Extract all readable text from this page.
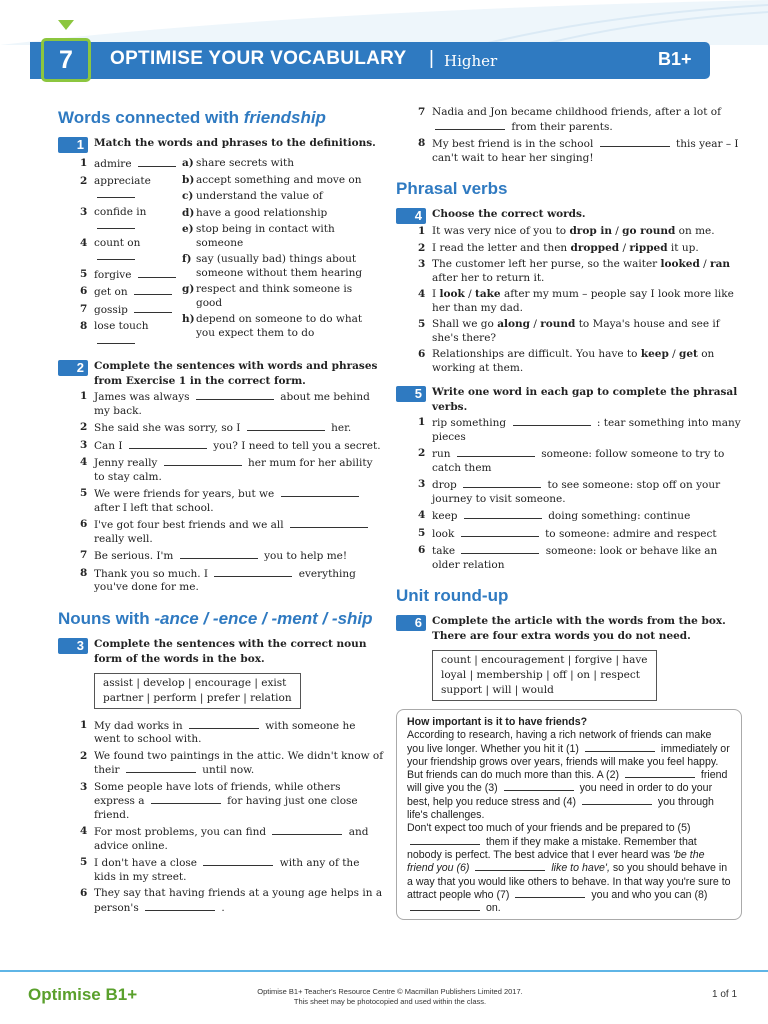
7	OPTIMISE YOUR VOCABULARY | Higher	B1+
Words connected with friendship
1 Match the words and phrases to the definitions.
1 admire
2 appreciate
3 confide in
4 count on
5 forgive
6 get on
7 gossip
8 lose touch
a) share secrets with
b) accept something and move on
c) understand the value of
d) have a good relationship
e) stop being in contact with someone
f) say (usually bad) things about someone without them hearing
g) respect and think someone is good
h) depend on someone to do what you expect them to do
2 Complete the sentences with words and phrases from Exercise 1 in the correct form.
1 James was always	about me behind my back.
2 She said she was sorry, so I	her.
3 Can I	you? I need to tell you a secret.
4 Jenny really	her mum for her ability to stay calm.
5 We were friends for years, but we  after I left that school.
6 I've got four best friends and we all  really well.
7 Be serious. I'm	you to help me!
8 Thank you so much. I	everything you've done for me.
Nouns with -ance / -ence / -ment / -ship
3 Complete the sentences with the correct noun form of the words in the box.
assist | develop | encourage | exist
partner | perform | prefer | relation
1 My dad works in	with someone he went to school with.
2 We found two paintings in the attic. We didn't know of their	until now.
3 Some people have lots of friends, while others express a	for having just one close friend.
4 For most problems, you can find	and advice online.
5 I don't have a close	with any of the kids in my street.
6 They say that having friends at a young age helps in a person's	.
7 Nadia and Jon became childhood friends, after a lot of  from their parents.
8 My best friend is in the school	this year – I can't wait to hear her singing!
Phrasal verbs
4 Choose the correct words.
1 It was very nice of you to drop in / go round on me.
2 I read the letter and then dropped / ripped it up.
3 The customer left her purse, so the waiter looked / ran after her to return it.
4 I look / take after my mum – people say I look more like her than my dad.
5 Shall we go along / round to Maya's house and see if she's there?
6 Relationships are difficult. You have to keep / get on working at them.
5 Write one word in each gap to complete the phrasal verbs.
1 rip something	: tear something into many pieces
2 run	someone: follow someone to try to catch them
3 drop	to see someone: stop off on your journey to visit someone.
4 keep	doing something: continue
5 look	to someone: admire and respect
6 take	someone: look or behave like an older relation
Unit round-up
6 Complete the article with the words from the box. There are four extra words you do not need.
count | encouragement | forgive | have
loyal | membership | off | on | respect
support | will | would
How important is it to have friends?
According to research, having a rich network of friends can make you live longer. Whether you hit it (1)	immediately or your friendship grows over years, friends will make you feel happy. But friends can do much more than this. A (2)	friend will give you the (3)	you need in order to do your best, help you reduce stress and (4)	you through life's challenges.
Don't expect too much of your friends and be prepared to (5)  them if they make a mistake. Remember that nobody is perfect. The best advice that I ever heard was 'be the friend you (6)	like to have', so you should behave in a way that you would like others to behave. In that way you're sure to attract people who (7)	you and who you can (8)  on.
Optimise B1+	Optimise B1+ Teacher's Resource Centre © Macmillan Publishers Limited 2017.
This sheet may be photocopied and used within the class.
1 of 1
